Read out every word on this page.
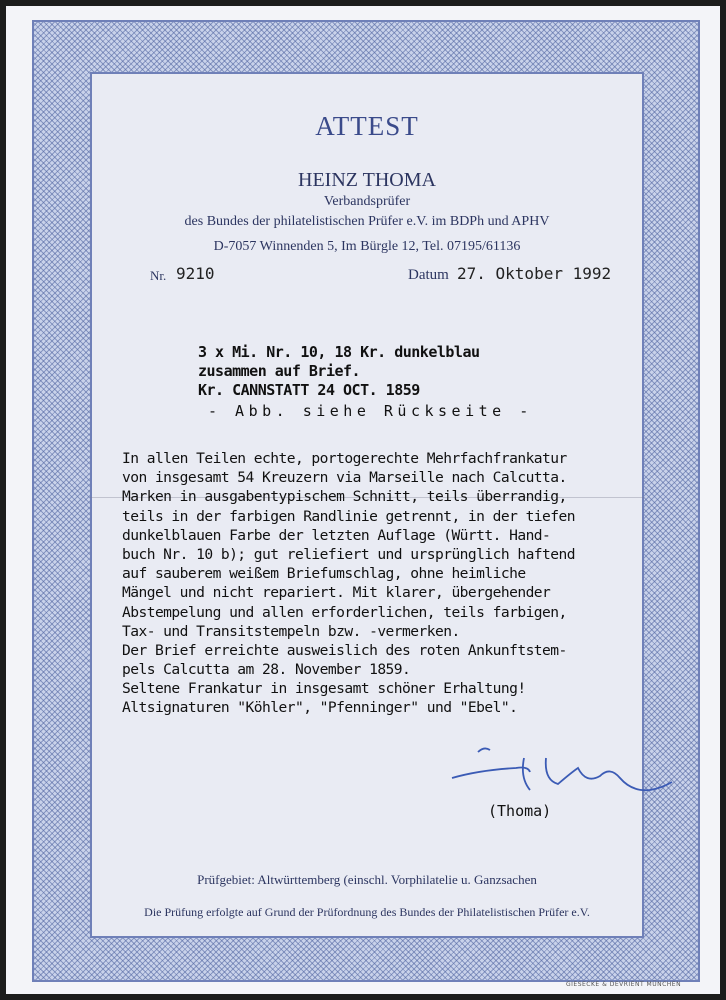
ATTEST
HEINZ THOMA
Verbandsprüfer
des Bundes der philatelistischen Prüfer e.V. im BDPh und APHV
D-7057 Winnenden 5, Im Bürgle 12, Tel. 07195/61136
Nr. 9210	Datum 27. Oktober 1992
3 x Mi. Nr. 10, 18 Kr. dunkelblau
zusammen auf Brief.
Kr. CANNSTATT 24 OCT. 1859
- Abb. siehe Rückseite -
In allen Teilen echte, portogerechte Mehrfachfrankatur
von insgesamt 54 Kreuzern via Marseille nach Calcutta.
Marken in ausgabentypischem Schnitt, teils überrandig,
teils in der farbigen Randlinie getrennt, in der tiefen
dunkelblauen Farbe der letzten Auflage (Württ. Hand-
buch Nr. 10 b); gut reliefiert und ursprünglich haftend
auf sauberem weißem Briefumschlag, ohne heimliche
Mängel und nicht repariert. Mit klarer, übergehender
Abstempelung und allen erforderlichen, teils farbigen,
Tax- und Transitstempeln bzw. -vermerken.
Der Brief erreichte ausweislich des roten Ankunftstem-
pels Calcutta am 28. November 1859.
Seltene Frankatur in insgesamt schöner Erhaltung!
Altsignaturen "Köhler", "Pfenninger" und "Ebel".
(Thoma)
Prüfgebiet: Altwürttemberg (einschl. Vorphilatelie u. Ganzsachen
Die Prüfung erfolgte auf Grund der Prüfordnung des Bundes der Philatelistischen Prüfer e.V.
GIESECKE & DEVRIENT MÜNCHEN
